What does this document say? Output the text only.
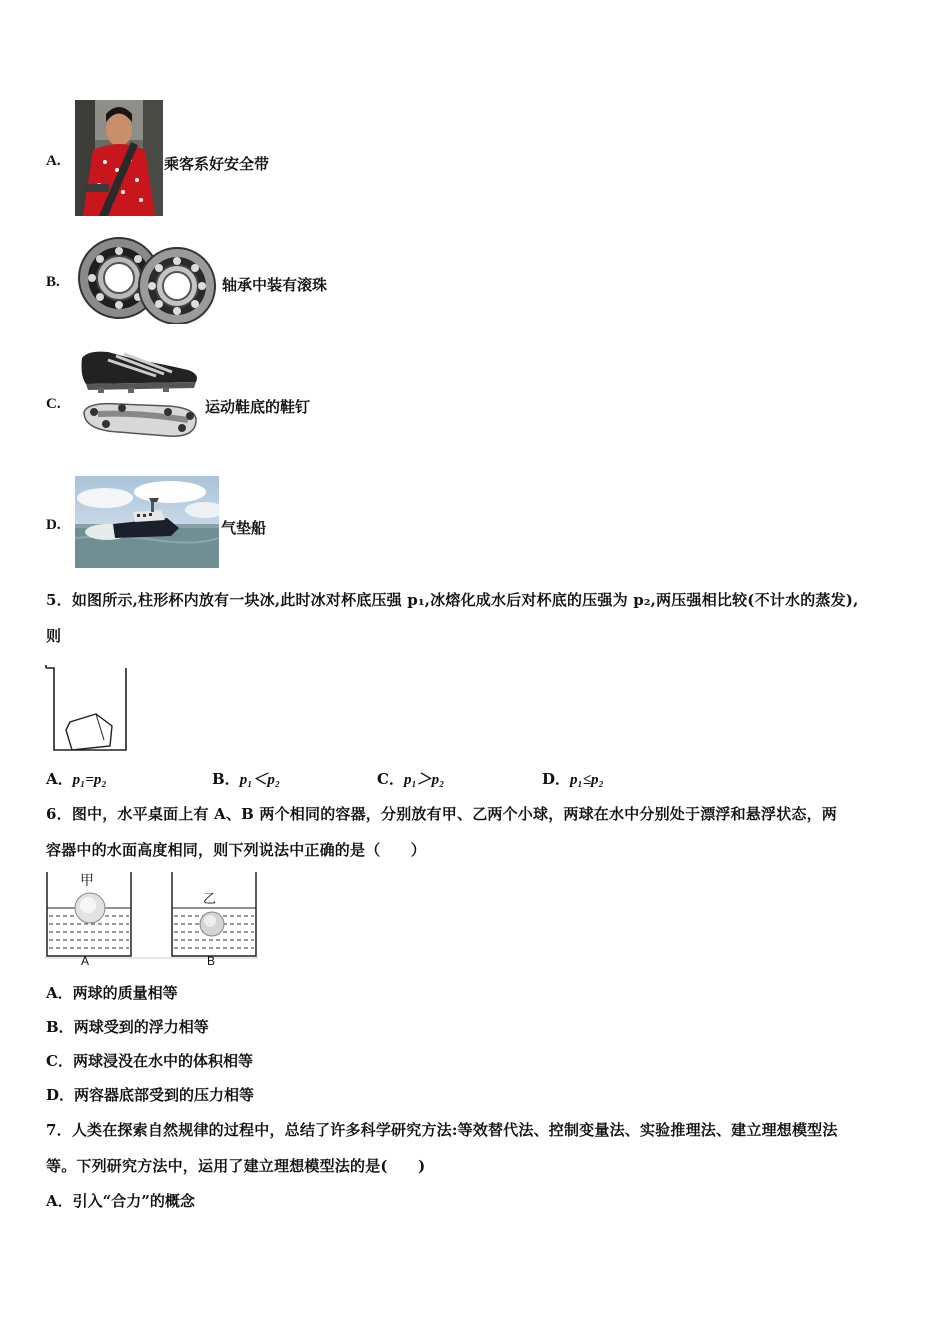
A.	乘客系好安全带
B.	轴承中装有滚珠
C.	运动鞋底的鞋钉
D.	气垫船
5．如图所示,柱形杯内放有一块冰,此时冰对杯底压强 p₁,冰熔化成水后对杯底的压强为 p₂,两压强相比较(不计水的蒸发),
则
A．p₁=p₂	B．p₁＜p₂	C．p₁＞p₂	D．p₁≤p₂
6．图中，水平桌面上有 A、B 两个相同的容器，分别放有甲、乙两个小球，两球在水中分别处于漂浮和悬浮状态，两
容器中的水面高度相同，则下列说法中正确的是（　　）
甲
乙
A	B
A．两球的质量相等
B．两球受到的浮力相等
C．两球浸没在水中的体积相等
D．两容器底部受到的压力相等
7．人类在探索自然规律的过程中，总结了许多科学研究方法:等效替代法、控制变量法、实验推理法、建立理想模型法
等。下列研究方法中，运用了建立理想模型法的是(　　)
A．引入“合力”的概念
